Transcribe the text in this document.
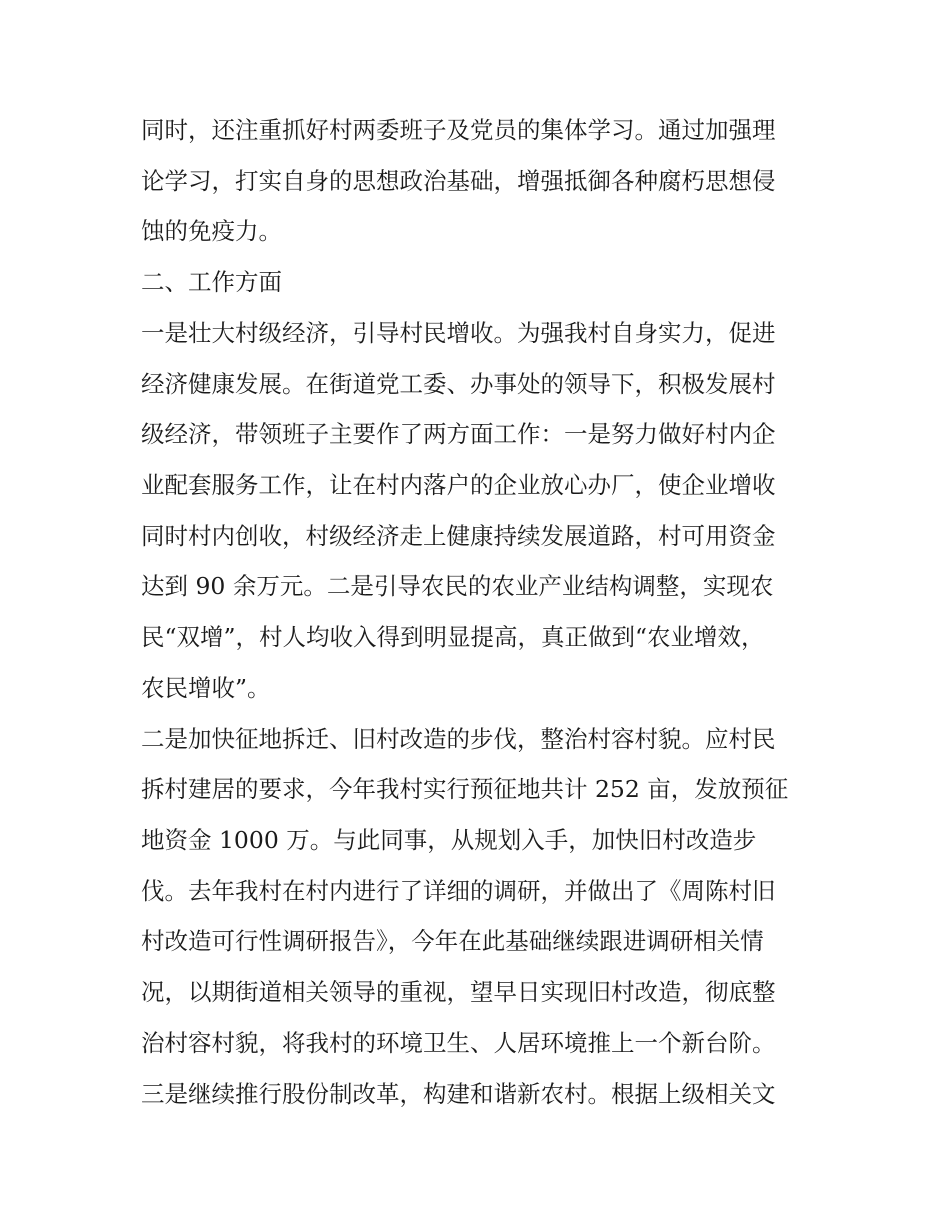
同时，还注重抓好村两委班子及党员的集体学习。通过加强理
论学习，打实自身的思想政治基础，增强抵御各种腐朽思想侵
蚀的免疫力。
二、工作方面
一是壮大村级经济，引导村民增收。为强我村自身实力，促进
经济健康发展。在街道党工委、办事处的领导下，积极发展村
级经济，带领班子主要作了两方面工作：一是努力做好村内企
业配套服务工作，让在村内落户的企业放心办厂，使企业增收
同时村内创收，村级经济走上健康持续发展道路，村可用资金
达到 90 余万元。二是引导农民的农业产业结构调整，实现农
民“双增”，村人均收入得到明显提高，真正做到“农业增效，
农民增收”。
二是加快征地拆迁、旧村改造的步伐，整治村容村貌。应村民
拆村建居的要求，今年我村实行预征地共计 252 亩，发放预征
地资金 1000 万。与此同事，从规划入手，加快旧村改造步
伐。去年我村在村内进行了详细的调研，并做出了《周陈村旧
村改造可行性调研报告》，今年在此基础继续跟进调研相关情
况，以期街道相关领导的重视，望早日实现旧村改造，彻底整
治村容村貌，将我村的环境卫生、人居环境推上一个新台阶。
三是继续推行股份制改革，构建和谐新农村。根据上级相关文
